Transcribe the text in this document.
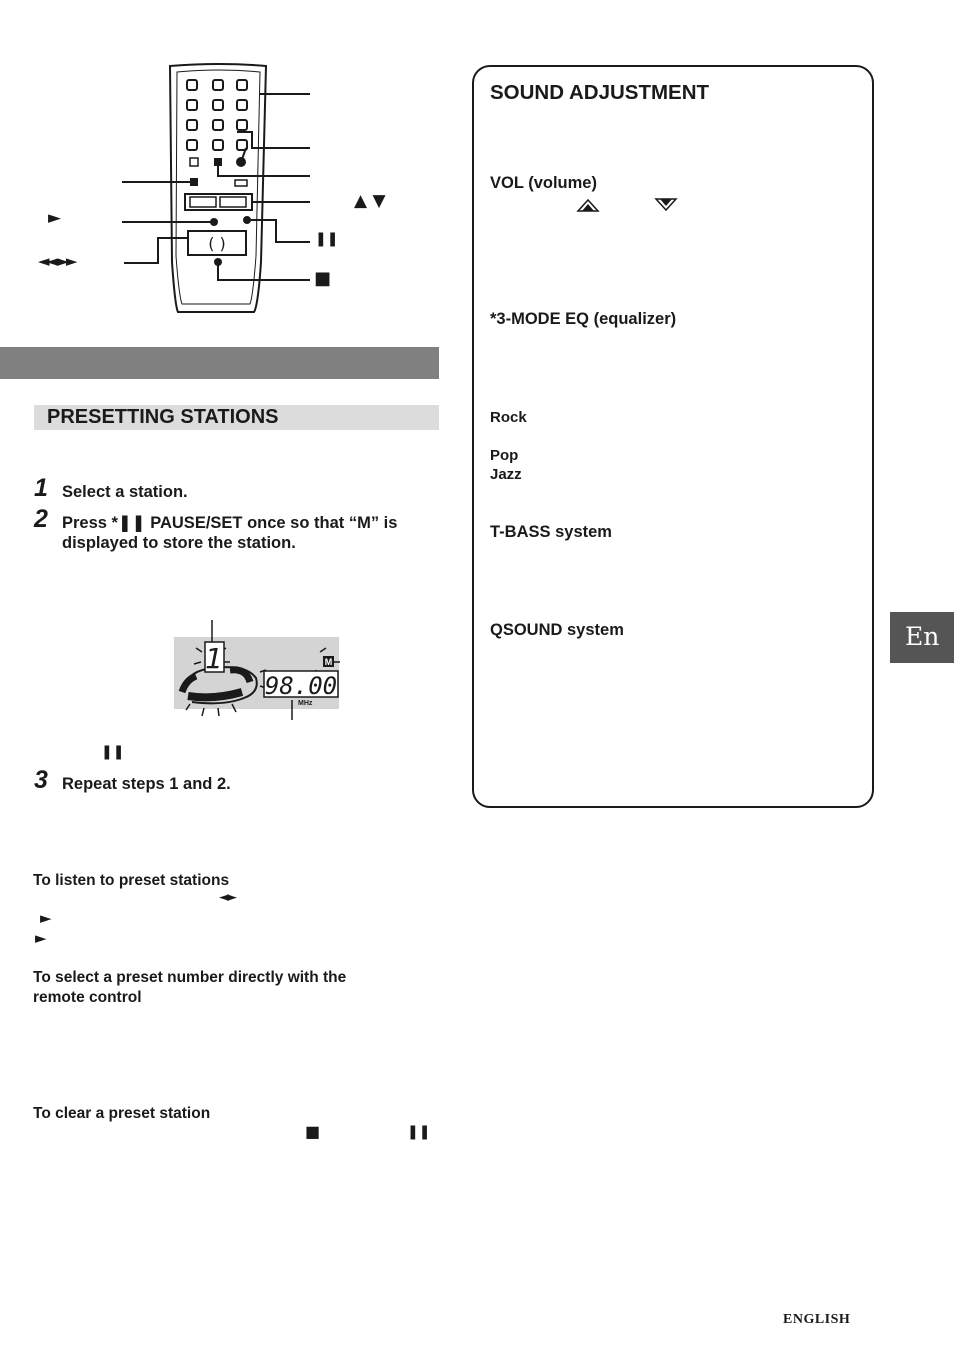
( )
►
◄◄ ►►
▲ ▼
❚❚
■
PRESETTING STATIONS
1 Select a station.
2 Press *❚❚ PAUSE/SET once so that “M” is
displayed to store the station.
1
98.00
MHz
M
❚❚
3 Repeat steps 1 and 2.
To listen to preset stations
◄►
►
►
To select a preset number directly with the
remote control
To clear a preset station
■	❚❚
SOUND ADJUSTMENT
VOL (volume)
*3-MODE EQ (equalizer)
Rock
Pop
Jazz
T-BASS system
QSOUND system	En
ENGLISH
